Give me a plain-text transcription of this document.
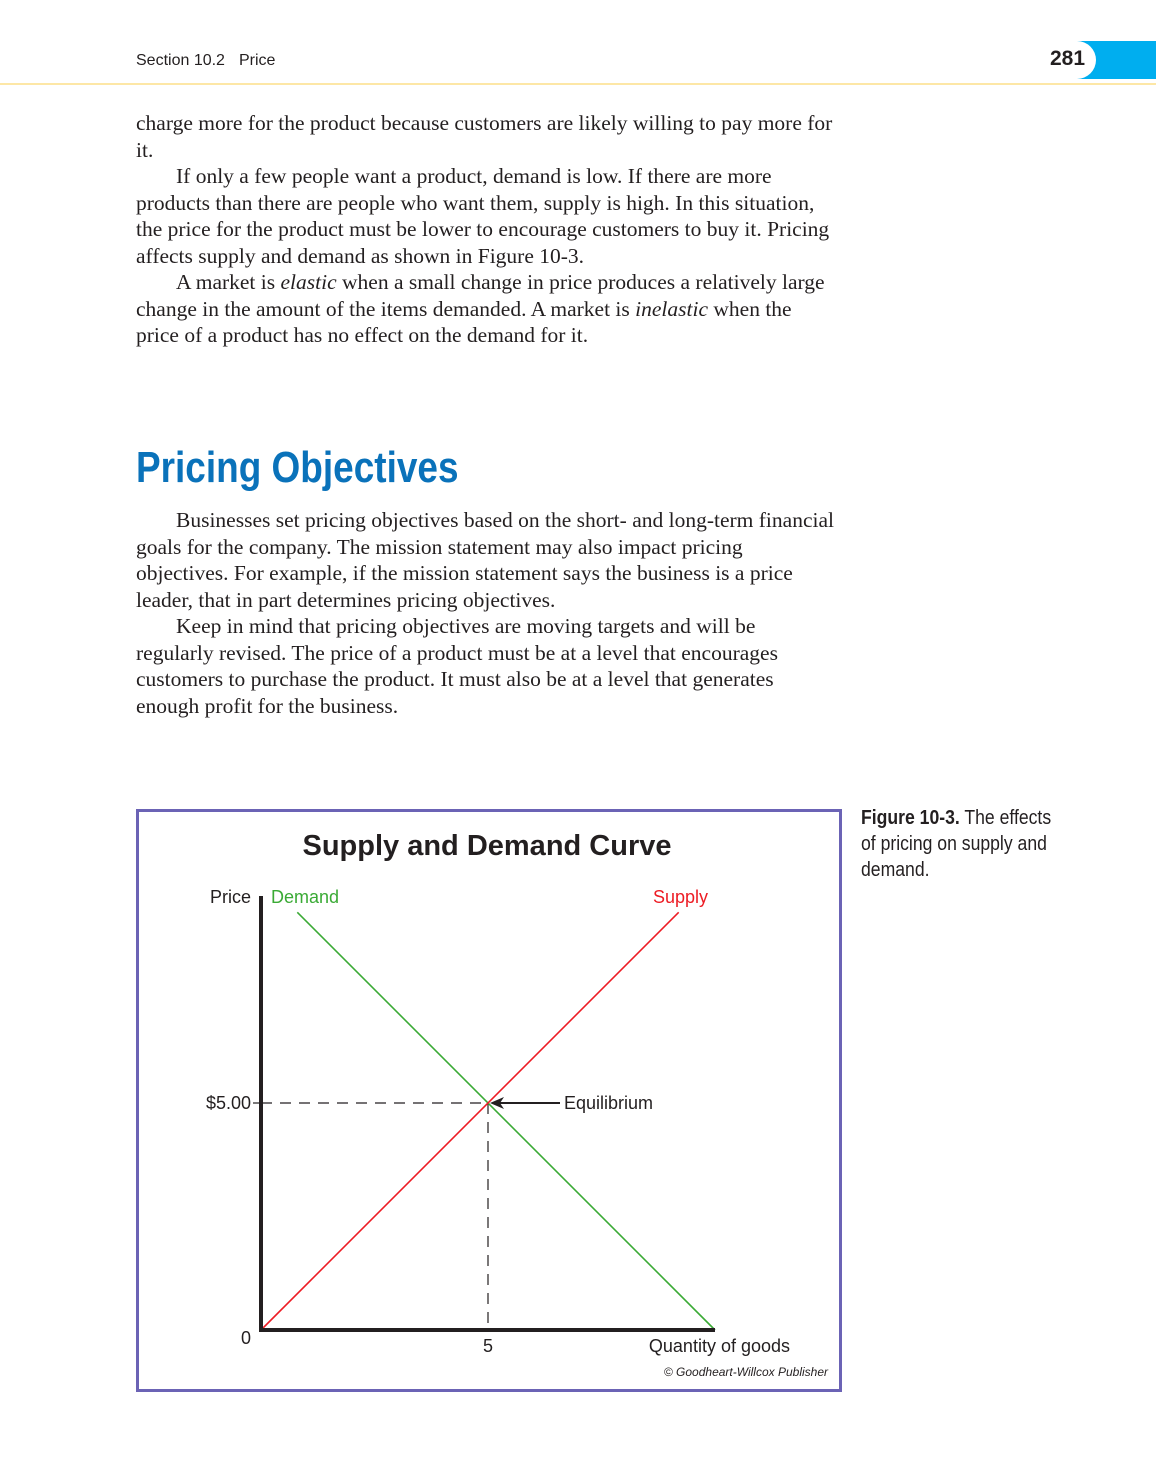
Section 10.2 Price	281

charge more for the product because customers are likely willing to pay more for it.

If only a few people want a product, demand is low. If there are more products than there are people who want them, supply is high. In this situation, the price for the product must be lower to encourage customers to buy it. Pricing affects supply and demand as shown in Figure 10-3.

A market is elastic when a small change in price produces a relatively large change in the amount of the items demanded. A market is inelastic when the price of a product has no effect on the demand for it.

Pricing Objectives

Businesses set pricing objectives based on the short- and long-term financial goals for the company. The mission statement may also impact pricing objectives. For example, if the mission statement says the business is a price leader, that in part determines pricing objectives.

Keep in mind that pricing objectives are moving targets and will be regularly revised. The price of a product must be at a level that encourages customers to purchase the product. It must also be at a level that generates enough profit for the business.

Supply and Demand Curve
Price
Quantity of goods
0
Demand	Supply
5
$5.00	Equilibrium
© Goodheart-Willcox Publisher
Figure 10-3. The effects of pricing on supply and demand.
